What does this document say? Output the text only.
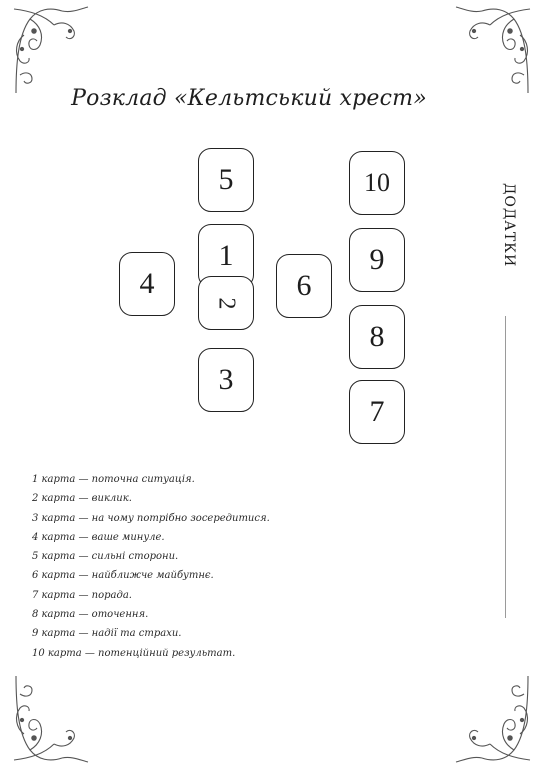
Розклад «Кельтський хрест»
5
1
2
3
4	6
10
9
8
7
ДОДАТКИ
1 карта — поточна ситуація.
2 карта — виклик.
3 карта — на чому потрібно зосередитися.
4 карта — ваше минуле.
5 карта — сильні сторони.
6 карта — найближче майбутнє.
7 карта — порада.
8 карта — оточення.
9 карта — надії та страхи.
10 карта — потенційний результат.
